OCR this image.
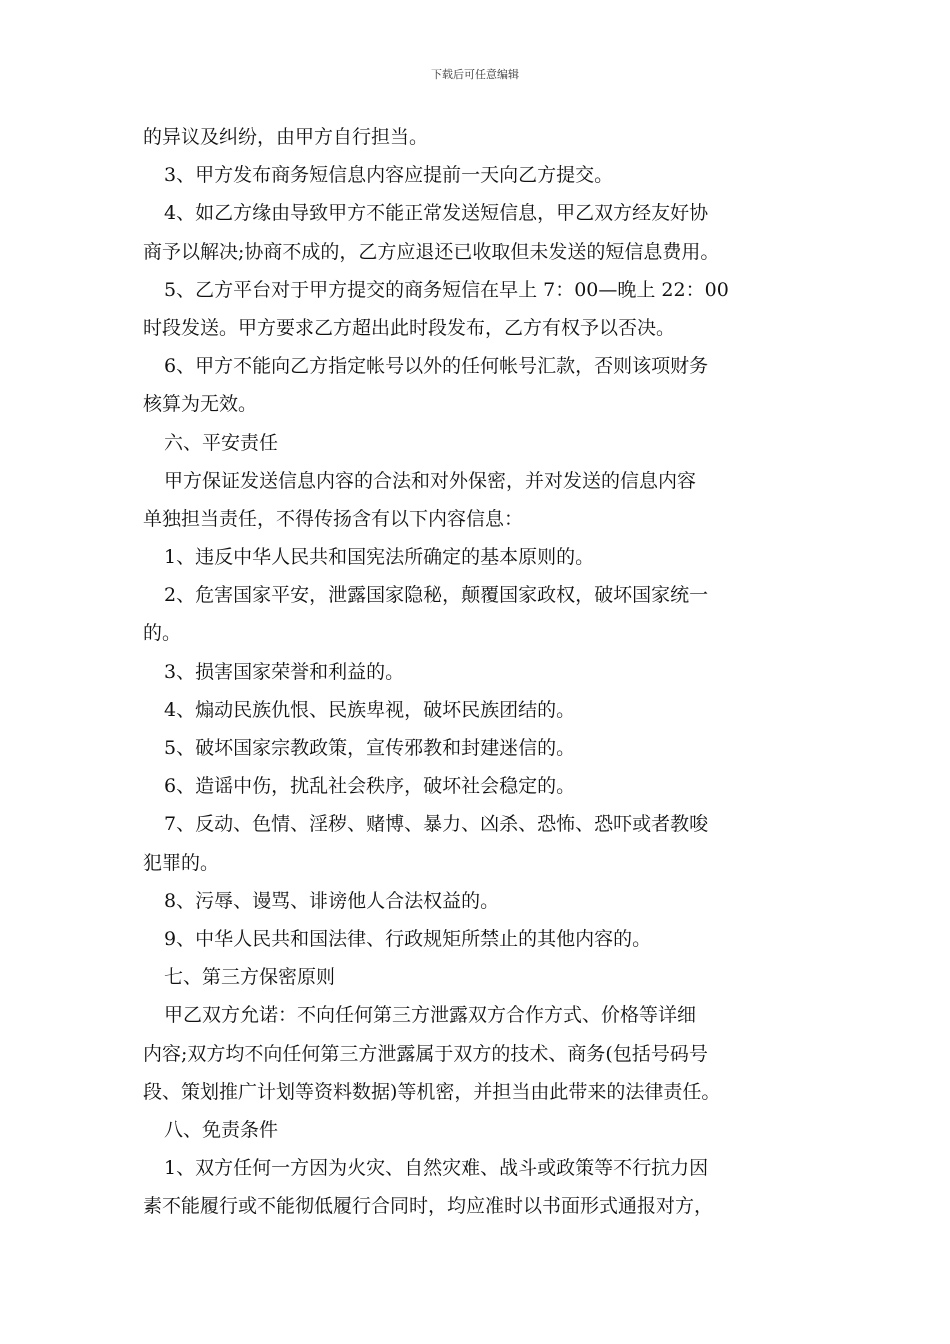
下载后可任意编辑
的异议及纠纷，由甲方自行担当。
3、甲方发布商务短信息内容应提前一天向乙方提交。
4、如乙方缘由导致甲方不能正常发送短信息，甲乙双方经友好协
商予以解决;协商不成的，乙方应退还已收取但未发送的短信息费用。
5、乙方平台对于甲方提交的商务短信在早上 7：00—晚上 22：00
时段发送。甲方要求乙方超出此时段发布，乙方有权予以否决。
6、甲方不能向乙方指定帐号以外的任何帐号汇款，否则该项财务
核算为无效。
六、平安责任
甲方保证发送信息内容的合法和对外保密，并对发送的信息内容
单独担当责任，不得传扬含有以下内容信息：
1、违反中华人民共和国宪法所确定的基本原则的。
2、危害国家平安，泄露国家隐秘，颠覆国家政权，破坏国家统一
的。
3、损害国家荣誉和利益的。
4、煽动民族仇恨、民族卑视，破坏民族团结的。
5、破坏国家宗教政策，宣传邪教和封建迷信的。
6、造谣中伤，扰乱社会秩序，破坏社会稳定的。
7、反动、色情、淫秽、赌博、暴力、凶杀、恐怖、恐吓或者教唆
犯罪的。
8、污辱、谩骂、诽谤他人合法权益的。
9、中华人民共和国法律、行政规矩所禁止的其他内容的。
七、第三方保密原则
甲乙双方允诺：不向任何第三方泄露双方合作方式、价格等详细
内容;双方均不向任何第三方泄露属于双方的技术、商务(包括号码号
段、策划推广计划等资料数据)等机密，并担当由此带来的法律责任。
八、免责条件
1、双方任何一方因为火灾、自然灾难、战斗或政策等不行抗力因
素不能履行或不能彻低履行合同时，均应准时以书面形式通报对方，
